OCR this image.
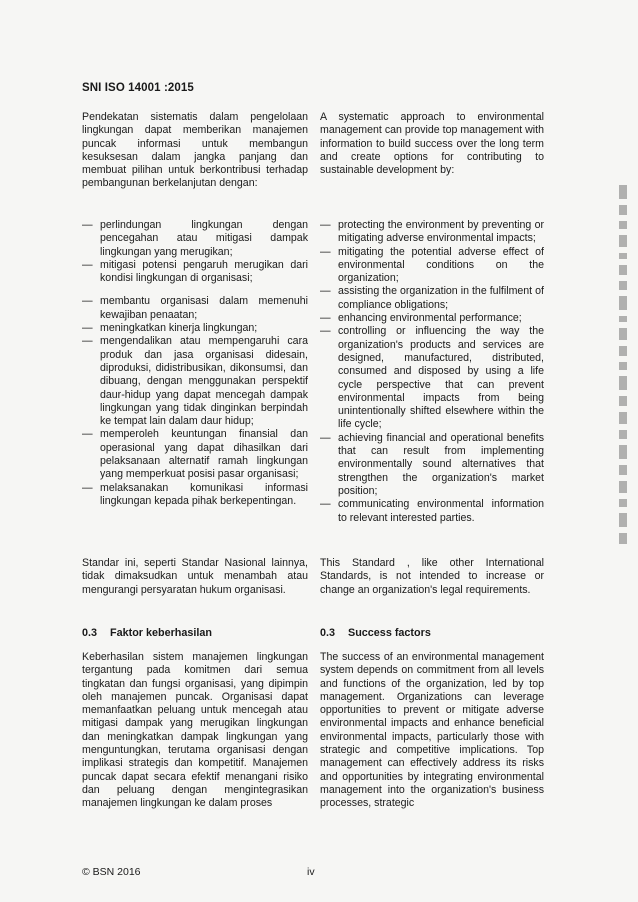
SNI ISO 14001 :2015

Pendekatan sistematis dalam pengelolaan lingkungan dapat memberikan manajemen puncak informasi untuk membangun kesuksesan dalam jangka panjang dan membuat pilihan untuk berkontribusi terhadap pembangunan berkelanjutan dengan:

A systematic approach to environmental management can provide top management with information to build success over the long term and create options for contributing to sustainable development by:

— perlindungan lingkungan dengan pencegahan atau mitigasi dampak lingkungan yang merugikan;
— mitigasi potensi pengaruh merugikan dari kondisi lingkungan di organisasi;
— membantu organisasi dalam memenuhi kewajiban penaatan;
— meningkatkan kinerja lingkungan;
— mengendalikan atau mempengaruhi cara produk dan jasa organisasi didesain, diproduksi, didistribusikan, dikonsumsi, dan dibuang, dengan menggunakan perspektif daur-hidup yang dapat mencegah dampak lingkungan yang tidak dinginkan berpindah ke tempat lain dalam daur hidup;
— memperoleh keuntungan finansial dan operasional yang dapat dihasilkan dari pelaksanaan alternatif ramah lingkungan yang memperkuat posisi pasar organisasi;
— melaksanakan komunikasi informasi lingkungan kepada pihak berkepentingan.
— protecting the environment by preventing or mitigating adverse environmental impacts;
— mitigating the potential adverse effect of environmental conditions on the organization;
— assisting the organization in the fulfilment of compliance obligations;
— enhancing environmental performance;
— controlling or influencing the way the organization's products and services are designed, manufactured, distributed, consumed and disposed by using a life cycle perspective that can prevent environmental impacts from being unintentionally shifted elsewhere within the life cycle;
— achieving financial and operational benefits that can result from implementing environmentally sound alternatives that strengthen the organization's market position;
— communicating environmental information to relevant interested parties.

Standar ini, seperti Standar Nasional lainnya, tidak dimaksudkan untuk menambah atau mengurangi persyaratan hukum organisasi.

This Standard , like other International Standards, is not intended to increase or change an organization's legal requirements.

0.3 Faktor keberhasilan	0.3 Success factors

Keberhasilan sistem manajemen lingkungan tergantung pada komitmen dari semua tingkatan dan fungsi organisasi, yang dipimpin oleh manajemen puncak. Organisasi dapat memanfaatkan peluang untuk mencegah atau mitigasi dampak yang merugikan lingkungan dan meningkatkan dampak lingkungan yang menguntungkan, terutama organisasi dengan implikasi strategis dan kompetitif. Manajemen puncak dapat secara efektif menangani risiko dan peluang dengan mengintegrasikan manajemen lingkungan ke dalam proses

The success of an environmental management system depends on commitment from all levels and functions of the organization, led by top management. Organizations can leverage opportunities to prevent or mitigate adverse environmental impacts and enhance beneficial environmental impacts, particularly those with strategic and competitive implications. Top management can effectively address its risks and opportunities by integrating environmental management into the organization's business processes, strategic

© BSN 2016	iv
